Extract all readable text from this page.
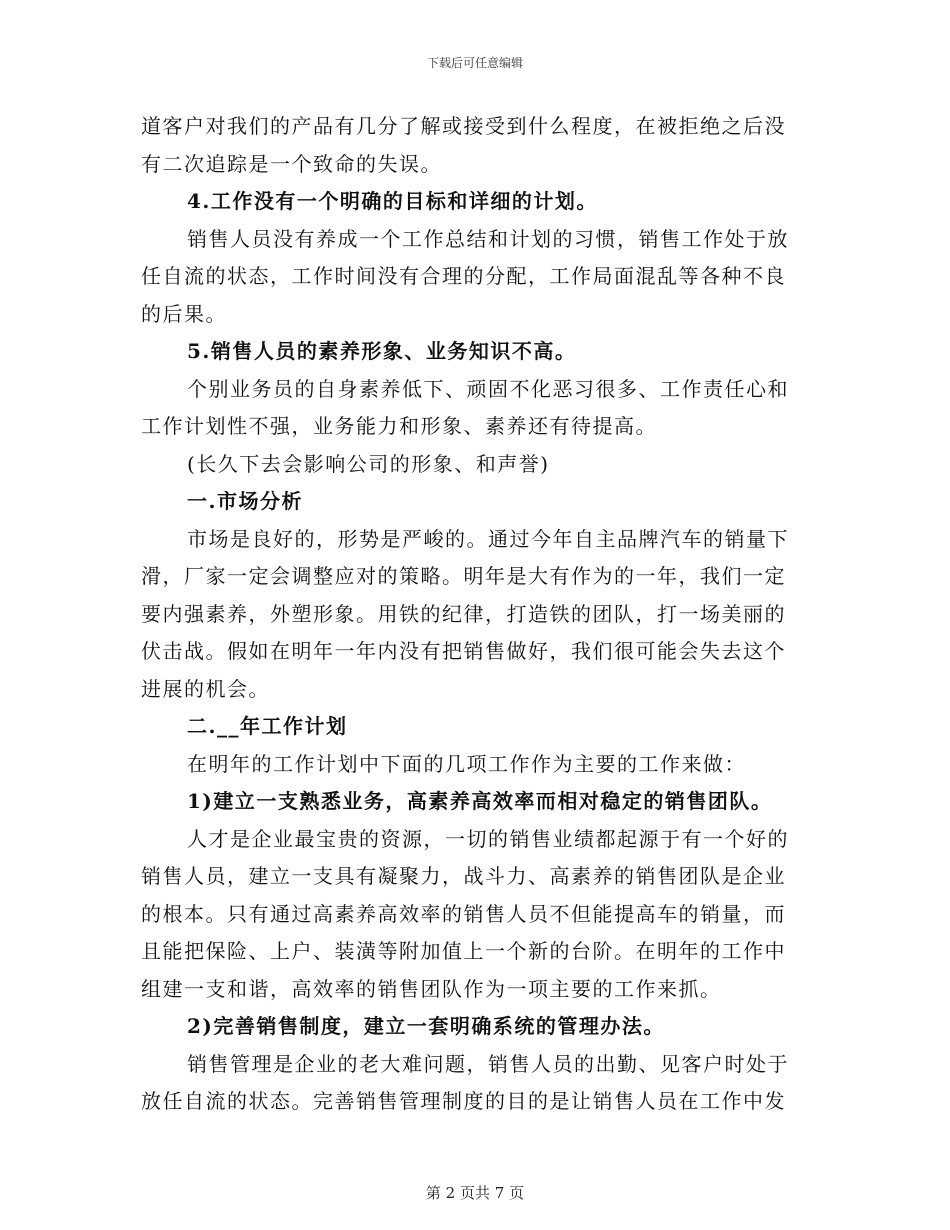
下载后可任意编辑

道客户对我们的产品有几分了解或接受到什么程度，在被拒绝之后没

有二次追踪是一个致命的失误。

4.工作没有一个明确的目标和详细的计划。

销售人员没有养成一个工作总结和计划的习惯，销售工作处于放

任自流的状态，工作时间没有合理的分配，工作局面混乱等各种不良

的后果。

5.销售人员的素养形象、业务知识不高。

个别业务员的自身素养低下、顽固不化恶习很多、工作责任心和

工作计划性不强，业务能力和形象、素养还有待提高。

(长久下去会影响公司的形象、和声誉)

一.市场分析

市场是良好的，形势是严峻的。通过今年自主品牌汽车的销量下

滑，厂家一定会调整应对的策略。明年是大有作为的一年，我们一定

要内强素养，外塑形象。用铁的纪律，打造铁的团队，打一场美丽的

伏击战。假如在明年一年内没有把销售做好，我们很可能会失去这个

进展的机会。

二.__年工作计划

在明年的工作计划中下面的几项工作作为主要的工作来做：

1)建立一支熟悉业务，高素养高效率而相对稳定的销售团队。

人才是企业最宝贵的资源，一切的销售业绩都起源于有一个好的

销售人员，建立一支具有凝聚力，战斗力、高素养的销售团队是企业

的根本。只有通过高素养高效率的销售人员不但能提高车的销量，而

且能把保险、上户、装潢等附加值上一个新的台阶。在明年的工作中

组建一支和谐，高效率的销售团队作为一项主要的工作来抓。

2)完善销售制度，建立一套明确系统的管理办法。

销售管理是企业的老大难问题，销售人员的出勤、见客户时处于

放任自流的状态。完善销售管理制度的目的是让销售人员在工作中发

第 2 页共 7 页
